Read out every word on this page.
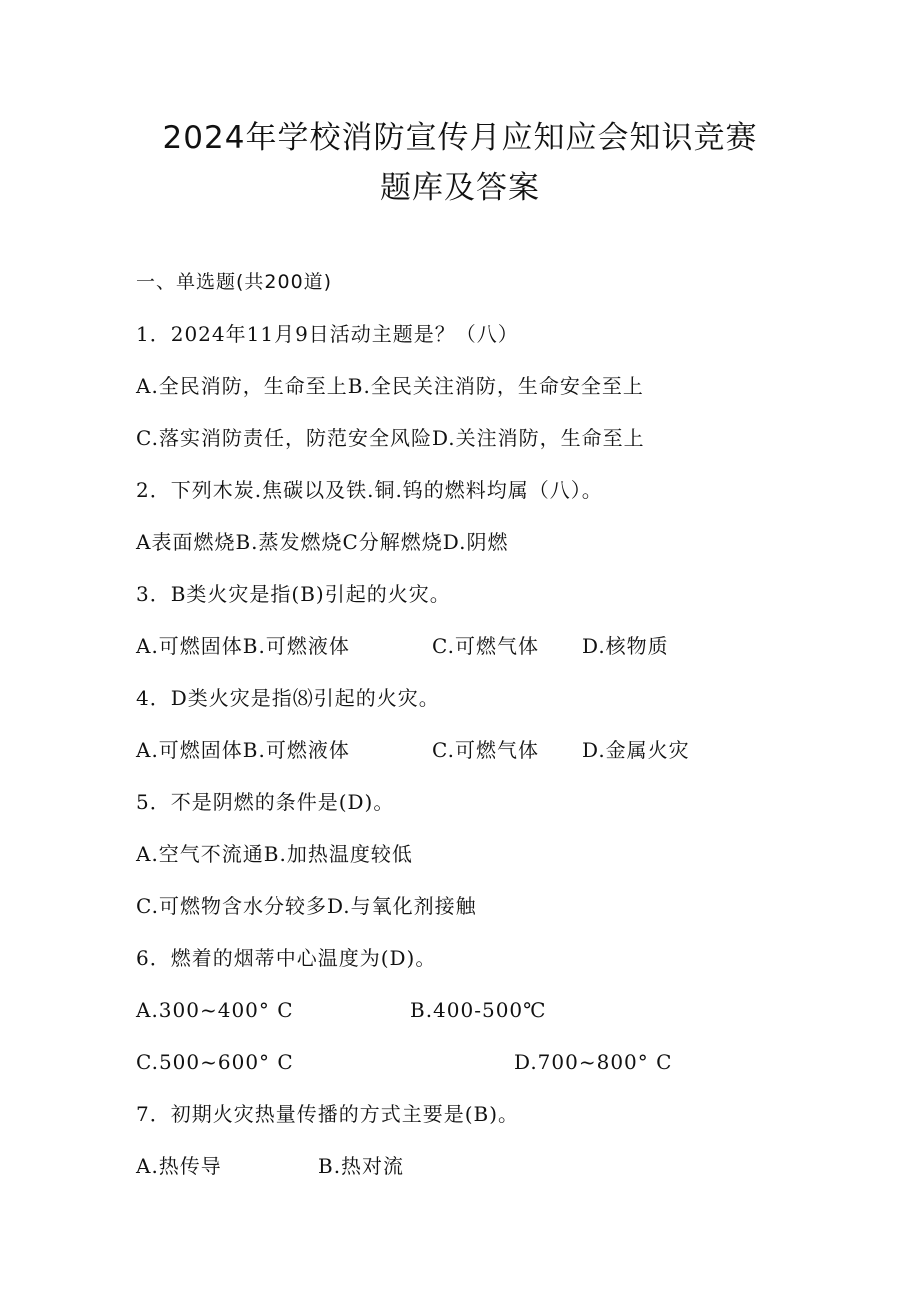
2024年学校消防宣传月应知应会知识竞赛
题库及答案
一、单选题(共200道)
1．2024年11月9日活动主题是？（八）
A.全民消防，生命至上B.全民关注消防，生命安全至上
C.落实消防责任，防范安全风险D.关注消防，生命至上
2．下列木炭.焦碳以及铁.铜.钨的燃料均属（八）。
A表面燃烧B.蒸发燃烧C分解燃烧D.阴燃
3．B类火灾是指(B)引起的火灾。
A.可燃固体B.可燃液体	C.可燃气体 D.核物质
4．D类火灾是指⑻引起的火灾。
A.可燃固体B.可燃液体	C.可燃气体 D.金属火灾
5．不是阴燃的条件是(D)。
A.空气不流通B.加热温度较低
C.可燃物含水分较多D.与氧化剂接触
6．燃着的烟蒂中心温度为(D)。
A.300~400° C	B.400-500℃
C.500~600° C	D.700~800° C
7．初期火灾热量传播的方式主要是(B)。
A.热传导	B.热对流
